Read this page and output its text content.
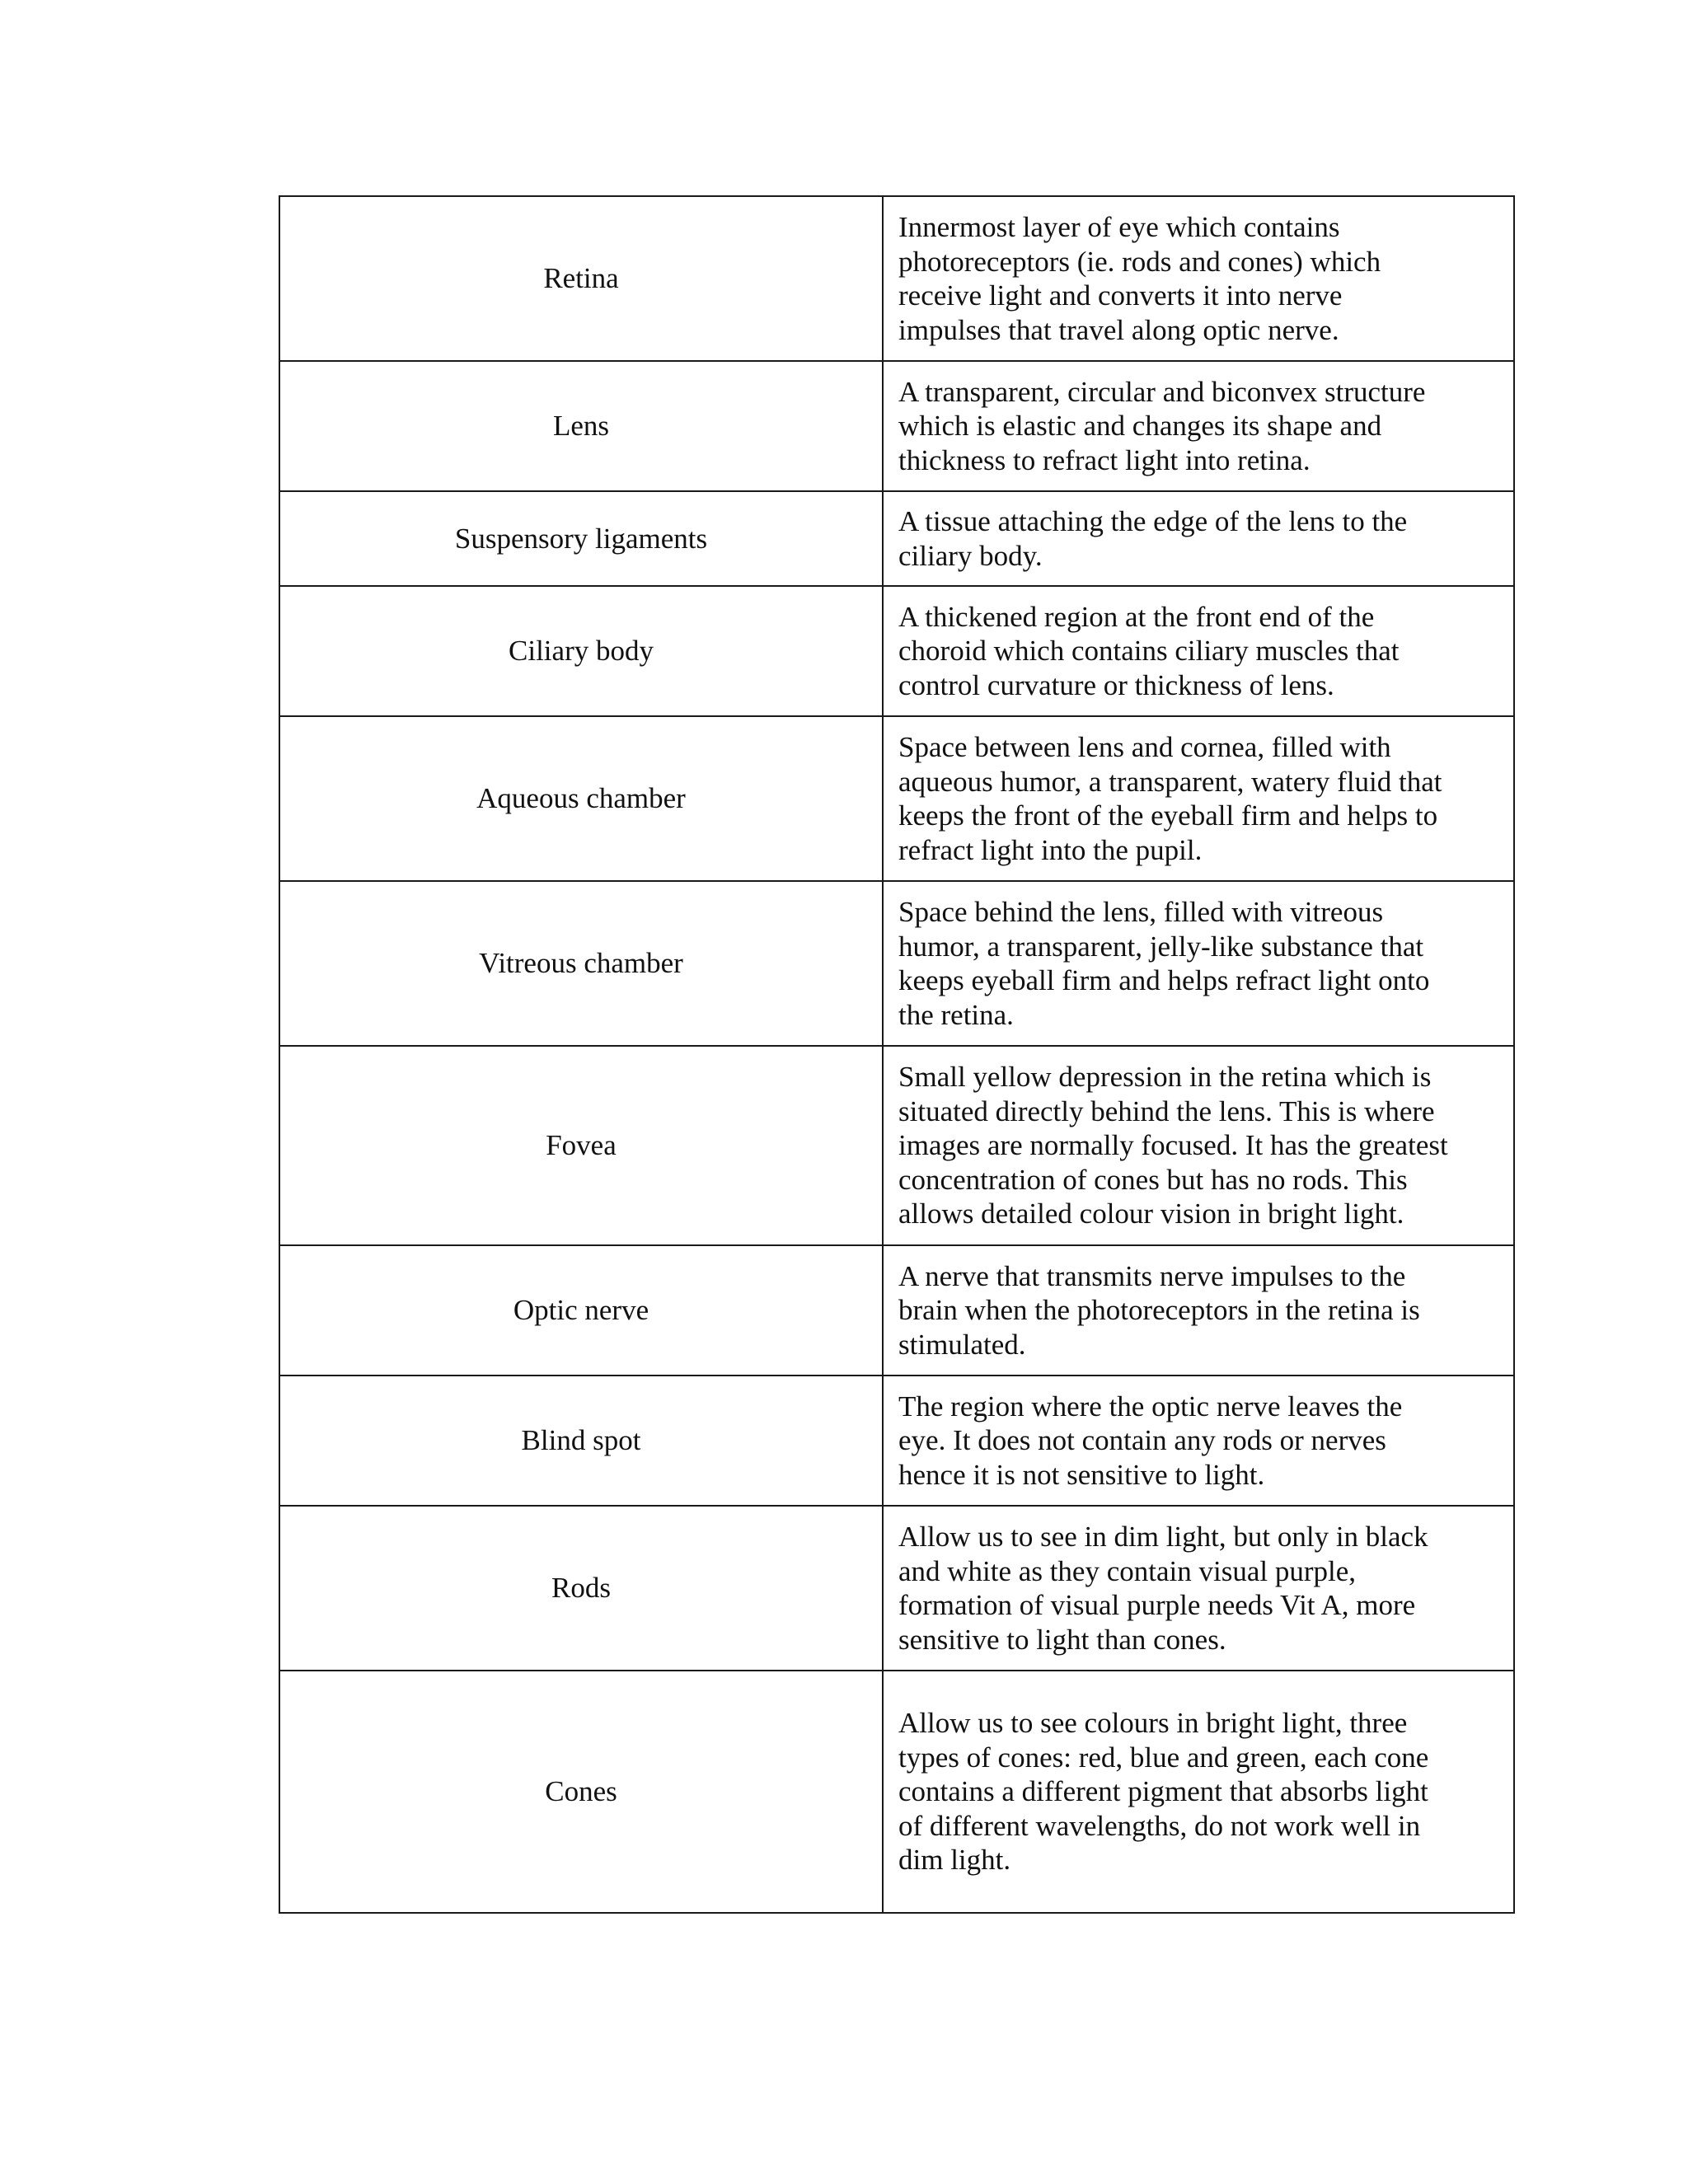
Retina	Innermost layer of eye which contains
photoreceptors (ie. rods and cones) which
receive light and converts it into nerve
impulses that travel along optic nerve.

Lens	A transparent, circular and biconvex structure
which is elastic and changes its shape and
thickness to refract light into retina.

Suspensory ligaments	A tissue attaching the edge of the lens to the
ciliary body.

Ciliary body	A thickened region at the front end of the
choroid which contains ciliary muscles that
control curvature or thickness of lens.

Aqueous chamber	Space between lens and cornea, filled with
aqueous humor, a transparent, watery fluid that
keeps the front of the eyeball firm and helps to
refract light into the pupil.

Vitreous chamber	Space behind the lens, filled with vitreous
humor, a transparent, jelly-like substance that
keeps eyeball firm and helps refract light onto
the retina.

Fovea	Small yellow depression in the retina which is
situated directly behind the lens. This is where
images are normally focused. It has the greatest
concentration of cones but has no rods. This
allows detailed colour vision in bright light.

Optic nerve	A nerve that transmits nerve impulses to the
brain when the photoreceptors in the retina is
stimulated.

Blind spot	The region where the optic nerve leaves the
eye. It does not contain any rods or nerves
hence it is not sensitive to light.

Rods	Allow us to see in dim light, but only in black
and white as they contain visual purple,
formation of visual purple needs Vit A, more
sensitive to light than cones.

Cones	Allow us to see colours in bright light, three
types of cones: red, blue and green, each cone
contains a different pigment that absorbs light
of different wavelengths, do not work well in
dim light.
